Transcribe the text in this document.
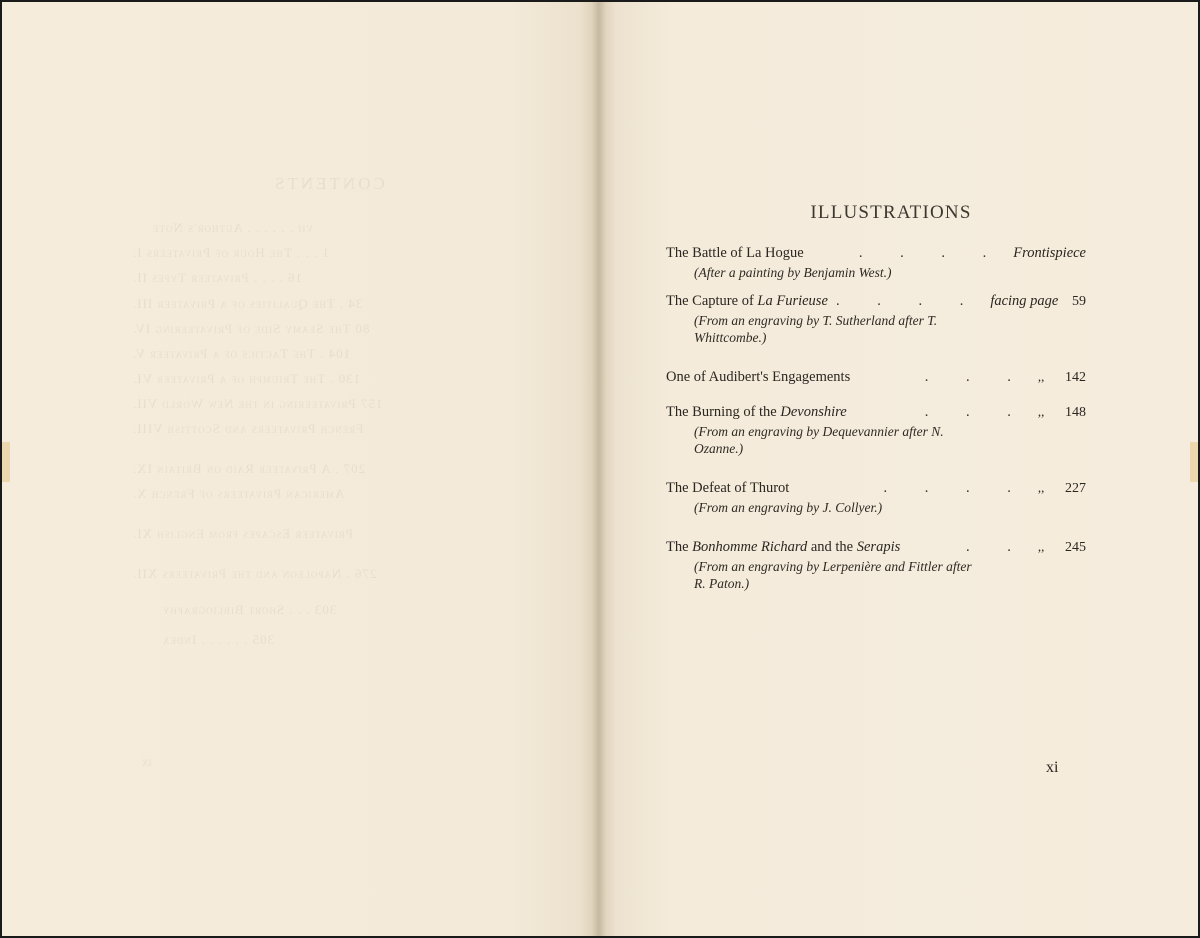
CONTENTS
vii . . . . . . Author's Note
1 . . . The Hour of Privateers I.
16 . . . . Privateer Types II.
34 . The Qualities of a Privateer III.
80 The Seamy Side of Privateering IV.
104 . The Tactics of a Privateer V.
130 . The Triumph of a Privateer VI.
157 Privateering in the New World VII.
French Privateers and Scottish VIII.
207 . A Privateer Raid on Britain IX.
American Privateers of French X.
Privateer Escapes from English XI.
276 . Napoleon and the Privateers XII.
303 . . . Short Bibliography
305 . . . . . . Index
ix
ILLUSTRATIONS
The Battle of La Hogue	. . . . Frontispiece
(After a painting by Benjamin West.)
The Capture of La Furieuse . . . . facing page 59
(From an engraving by T. Sutherland after T. Whittcombe.)
One of Audibert's Engagements	. . . ,, 142
The Burning of the Devonshire	. . . ,, 148
(From an engraving by Dequevannier after N. Ozanne.)
The Defeat of Thurot	. . . . ,, 227
(From an engraving by J. Collyer.)
The Bonhomme Richard and the Serapis	. . ,, 245
(From an engraving by Lerpenière and Fittler after R. Paton.)
xi
